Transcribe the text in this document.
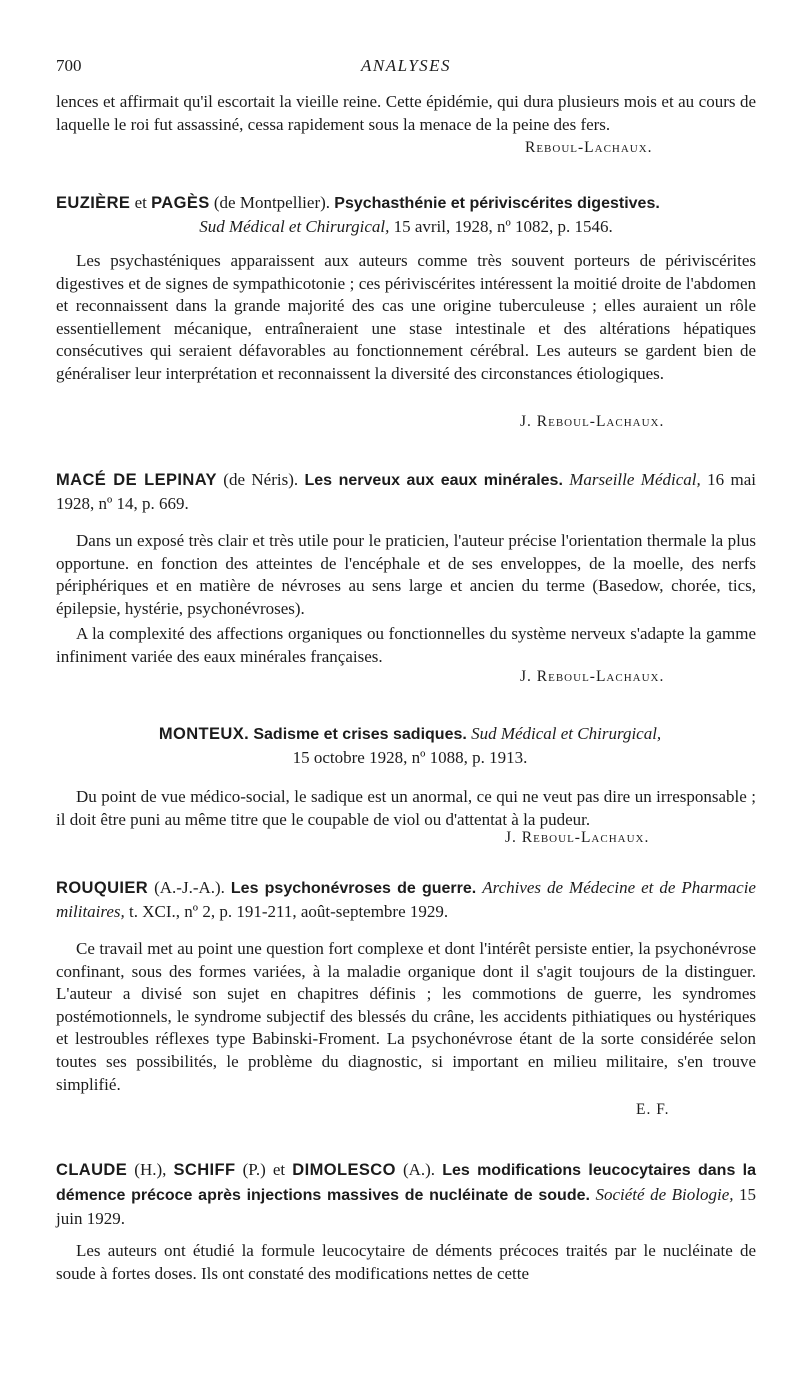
700	ANALYSES
lences et affirmait qu'il escortait la vieille reine. Cette épidémie, qui dura plusieurs mois et au cours de laquelle le roi fut assassiné, cessa rapidement sous la menace de la peine des fers.
Reboul-Lachaux.
EUZIÈRE et PAGÈS (de Montpellier). Psychasthénie et périviscérites digestives.
Sud Médical et Chirurgical, 15 avril, 1928, nº 1082, p. 1546.
Les psychasténiques apparaissent aux auteurs comme très souvent porteurs de périviscérites digestives et de signes de sympathicotonie ; ces périviscérites intéressent la moitié droite de l'abdomen et reconnaissent dans la grande majorité des cas une origine tuberculeuse ; elles auraient un rôle essentiellement mécanique, entraîneraient une stase intestinale et des altérations hépatiques consécutives qui seraient défavorables au fonctionnement cérébral. Les auteurs se gardent bien de généraliser leur interprétation et reconnaissent la diversité des circonstances étiologiques.
J. Reboul-Lachaux.
MACÉ DE LEPINAY (de Néris). Les nerveux aux eaux minérales. Marseille Médical, 16 mai 1928, nº 14, p. 669.
Dans un exposé très clair et très utile pour le praticien, l'auteur précise l'orientation thermale la plus opportune. en fonction des atteintes de l'encéphale et de ses enveloppes, de la moelle, des nerfs périphériques et en matière de névroses au sens large et ancien du terme (Basedow, chorée, tics, épilepsie, hystérie, psychonévroses).
A la complexité des affections organiques ou fonctionnelles du système nerveux s'adapte la gamme infiniment variée des eaux minérales françaises.
J. Reboul-Lachaux.
MONTEUX. Sadisme et crises sadiques. Sud Médical et Chirurgical,
15 octobre 1928, nº 1088, p. 1913.
Du point de vue médico-social, le sadique est un anormal, ce qui ne veut pas dire un irresponsable ; il doit être puni au même titre que le coupable de viol ou d'attentat à la pudeur.
J. Reboul-Lachaux.
ROUQUIER (A.-J.-A.). Les psychonévroses de guerre. Archives de Médecine et de Pharmacie militaires, t. XCI., nº 2, p. 191-211, août-septembre 1929.
Ce travail met au point une question fort complexe et dont l'intérêt persiste entier, la psychonévrose confinant, sous des formes variées, à la maladie organique dont il s'agit toujours de la distinguer. L'auteur a divisé son sujet en chapitres définis ; les commotions de guerre, les syndromes postémotionnels, le syndrome subjectif des blessés du crâne, les accidents pithiatiques ou hystériques et lestroubles réflexes type Babinski-Froment. La psychonévrose étant de la sorte considérée selon toutes ses possibilités, le problème du diagnostic, si important en milieu militaire, s'en trouve simplifié.
E. F.
CLAUDE (H.), SCHIFF (P.) et DIMOLESCO (A.). Les modifications leucocytaires dans la démence précoce après injections massives de nucléinate de soude. Société de Biologie, 15 juin 1929.
Les auteurs ont étudié la formule leucocytaire de déments précoces traités par le nucléinate de soude à fortes doses. Ils ont constaté des modifications nettes de cette
